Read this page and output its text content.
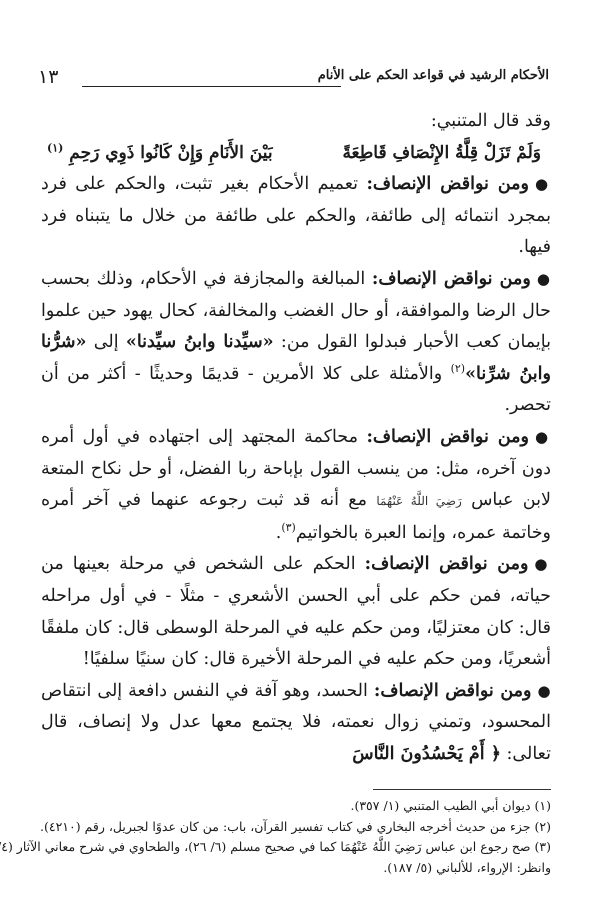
الأحكام الرشيد في قواعد الحكم على الأنام
١٣

وقد قال المتنبي:

وَلَمْ تَزَلْ قِلَّةُ الإِنْصَافِ قَاطِعَةً
بَيْنَ الأَنَامِ وَإِنْ كَانُوا ذَوِي رَحِمِ $^{(١)}$

●ومن نواقض الإنصاف: تعميم الأحكام بغير تثبت، والحكم على فرد بمجرد انتمائه إلى طائفة، والحكم على طائفة من خلال ما يتبناه فرد فيها.

●ومن نواقض الإنصاف: المبالغة والمجازفة في الأحكام، وذلك بحسب حال الرضا والموافقة، أو حال الغضب والمخالفة، كحال يهود حين علموا بإيمان كعب الأحبار فبدلوا القول من: «سيِّدنا وابنُ سيِّدنا» إلى «شرُّنا وابنُ شرِّنا»$^{(٢)}$ والأمثلة على كلا الأمرين - قديمًا وحديثًا - أكثر من أن تحصر.

●ومن نواقض الإنصاف: محاكمة المجتهد إلى اجتهاده في أول أمره دون آخره، مثل: من ينسب القول بإباحة ربا الفضل، أو حل نكاح المتعة لابن عباس رَضِيَ اللَّهُ عَنْهُمَا مع أنه قد ثبت رجوعه عنهما في آخر أمره وخاتمة عمره، وإنما العبرة بالخواتيم$^{(٣)}$.

●ومن نواقض الإنصاف: الحكم على الشخص في مرحلة بعينها من حياته، فمن حكم على أبي الحسن الأشعري - مثلًا - في أول مراحله قال: كان معتزليًا، ومن حكم عليه في المرحلة الوسطى قال: كان ملفقًا أشعريًا، ومن حكم عليه في المرحلة الأخيرة قال: كان سنيًا سلفيًا!

●ومن نواقض الإنصاف: الحسد، وهو آفة في النفس دافعة إلى انتقاص المحسود، وتمني زوال نعمته، فلا يجتمع معها عدل ولا إنصاف، قال تعالى: ﴿ أَمْ يَحْسُدُونَ النَّاسَ

(١) ديوان أبي الطيب المتنبي (١/ ٣٥٧).

(٢) جزء من حديث أخرجه البخاري في كتاب تفسير القرآن، باب: من كان عدوًا لجبريل، رقم (٤٢١٠).

(٣) صح رجوع ابن عباس رَضِيَ اللَّهُ عَنْهُمَا كما في صحيح مسلم (٦/ ٢٦)، والطحاوي في شرح معاني الآثار (٤

وانظر: الإرواء، للألباني (٥/ ١٨٧).
